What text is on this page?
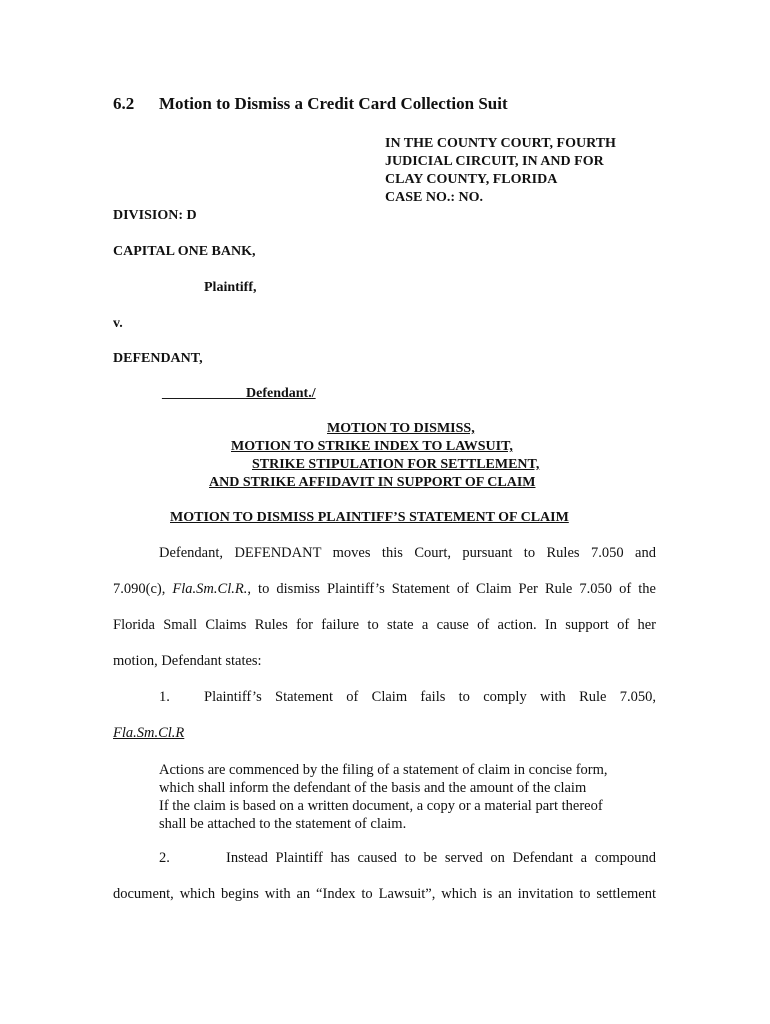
6.2 Motion to Dismiss a Credit Card Collection Suit
IN THE COUNTY COURT, FOURTH
JUDICIAL CIRCUIT, IN AND FOR
CLAY COUNTY, FLORIDA
CASE NO.: NO.
DIVISION: D
CAPITAL ONE BANK,
Plaintiff,
v.
DEFENDANT,
____________Defendant./
MOTION TO DISMISS,
MOTION TO STRIKE INDEX TO LAWSUIT,
STRIKE STIPULATION FOR SETTLEMENT,
AND STRIKE AFFIDAVIT IN SUPPORT OF CLAIM
MOTION TO DISMISS PLAINTIFF’S STATEMENT OF CLAIM
Defendant, DEFENDANT moves this Court, pursuant to Rules 7.050 and
7.090(c), Fla.Sm.Cl.R., to dismiss Plaintiff’s Statement of Claim Per Rule 7.050 of the
Florida Small Claims Rules for failure to state a cause of action. In support of her
motion, Defendant states:
1. Plaintiff’s Statement of Claim fails to comply with Rule 7.050,
Fla.Sm.Cl.R
Actions are commenced by the filing of a statement of claim in concise form,
which shall inform the defendant of the basis and the amount of the claim
If the claim is based on a written document, a copy or a material part thereof
shall be attached to the statement of claim.
2.	Instead Plaintiff has caused to be served on Defendant a compound
document, which begins with an “Index to Lawsuit”, which is an invitation to settlement
